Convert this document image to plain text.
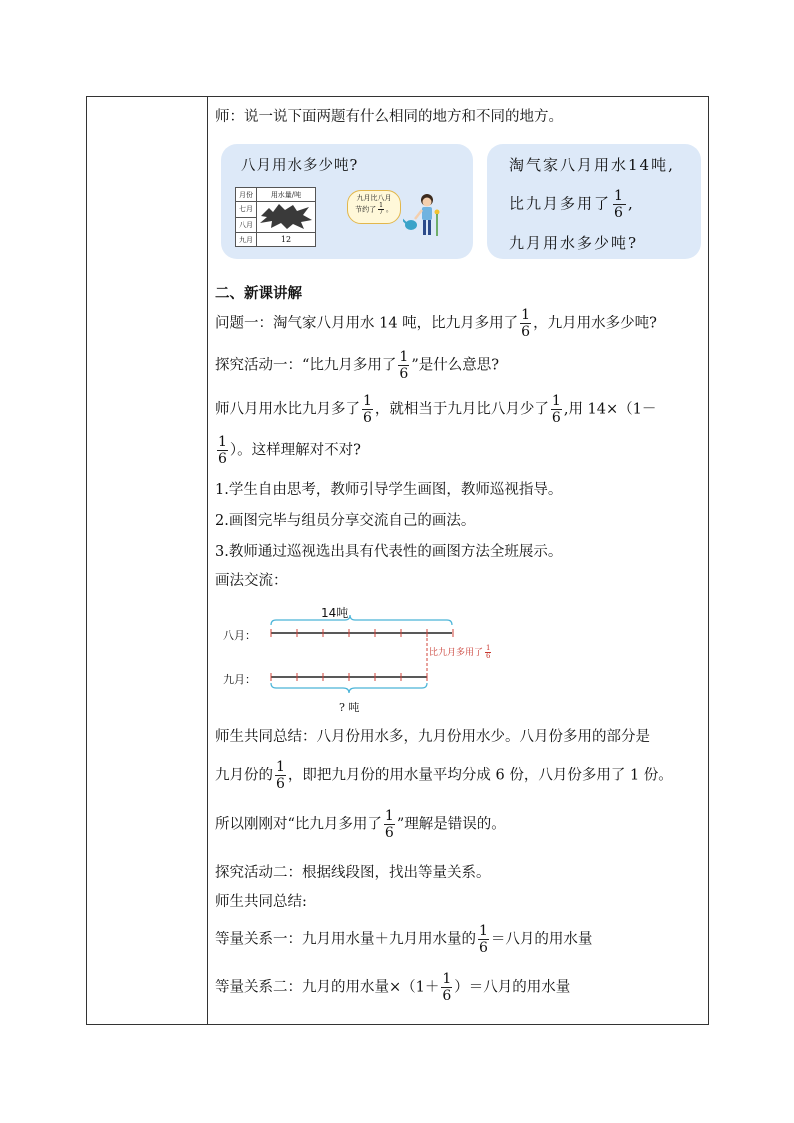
师：说一说下面两题有什么相同的地方和不同的地方。
八月用水多少吨?
月份	用水量/吨
七月	
八月	
九月	12
九月比八月
节约了 $\frac{1}{7}$ 。
淘气家八月用水14吨,
比九月多用了 $\frac{1}{6}$ ,
九月用水多少吨?
二、新课讲解
问题一：淘气家八月用水 14 吨，比九月多用了 $\frac{1}{6}$ ，九月用水多少吨?
探究活动一：“比九月多用了 $\frac{1}{6}$ ”是什么意思?
师八月用水比九月多了 $\frac{1}{6}$ ，就相当于九月比八月少了 $\frac{1}{6}$ ,用 14×（1－
$\frac{1}{6}$ ）。这样理解对不对?
1.学生自由思考，教师引导学生画图，教师巡视指导。
2.画图完毕与组员分享交流自己的画法。
3.教师通过巡视选出具有代表性的画图方法全班展示。
画法交流：
14吨
八月：
九月：
比九月多用了 $\frac{1}{6}$
? 吨
师生共同总结：八月份用水多，九月份用水少。八月份多用的部分是
九月份的 $\frac{1}{6}$ ，即把九月份的用水量平均分成 6 份，八月份多用了 1 份。
所以刚刚对“比九月多用了 $\frac{1}{6}$ ”理解是错误的。
探究活动二：根据线段图，找出等量关系。
师生共同总结:
等量关系一：九月用水量＋九月用水量的 $\frac{1}{6}$ ＝八月的用水量
等量关系二：九月的用水量$\times(1+ \frac{1}{6}$ ）＝八月的用水量
